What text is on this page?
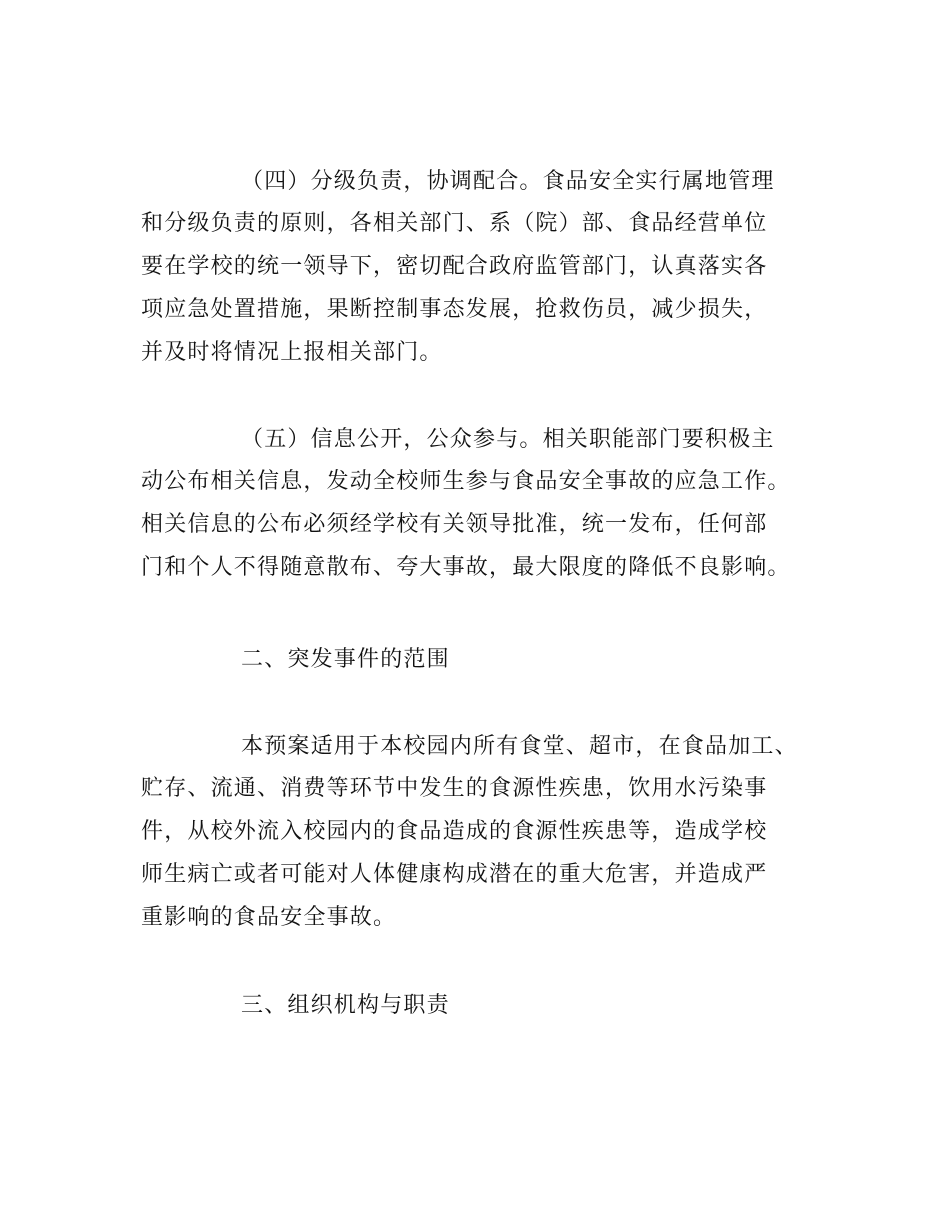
（四）分级负责，协调配合。食品安全实行属地管理
和分级负责的原则，各相关部门、系（院）部、食品经营单位
要在学校的统一领导下，密切配合政府监管部门，认真落实各
项应急处置措施，果断控制事态发展，抢救伤员，减少损失，
并及时将情况上报相关部门。
（五）信息公开，公众参与。相关职能部门要积极主
动公布相关信息，发动全校师生参与食品安全事故的应急工作。
相关信息的公布必须经学校有关领导批准，统一发布，任何部
门和个人不得随意散布、夸大事故，最大限度的降低不良影响。
二、突发事件的范围
本预案适用于本校园内所有食堂、超市，在食品加工、
贮存、流通、消费等环节中发生的食源性疾患，饮用水污染事
件，从校外流入校园内的食品造成的食源性疾患等，造成学校
师生病亡或者可能对人体健康构成潜在的重大危害，并造成严
重影响的食品安全事故。
三、组织机构与职责
